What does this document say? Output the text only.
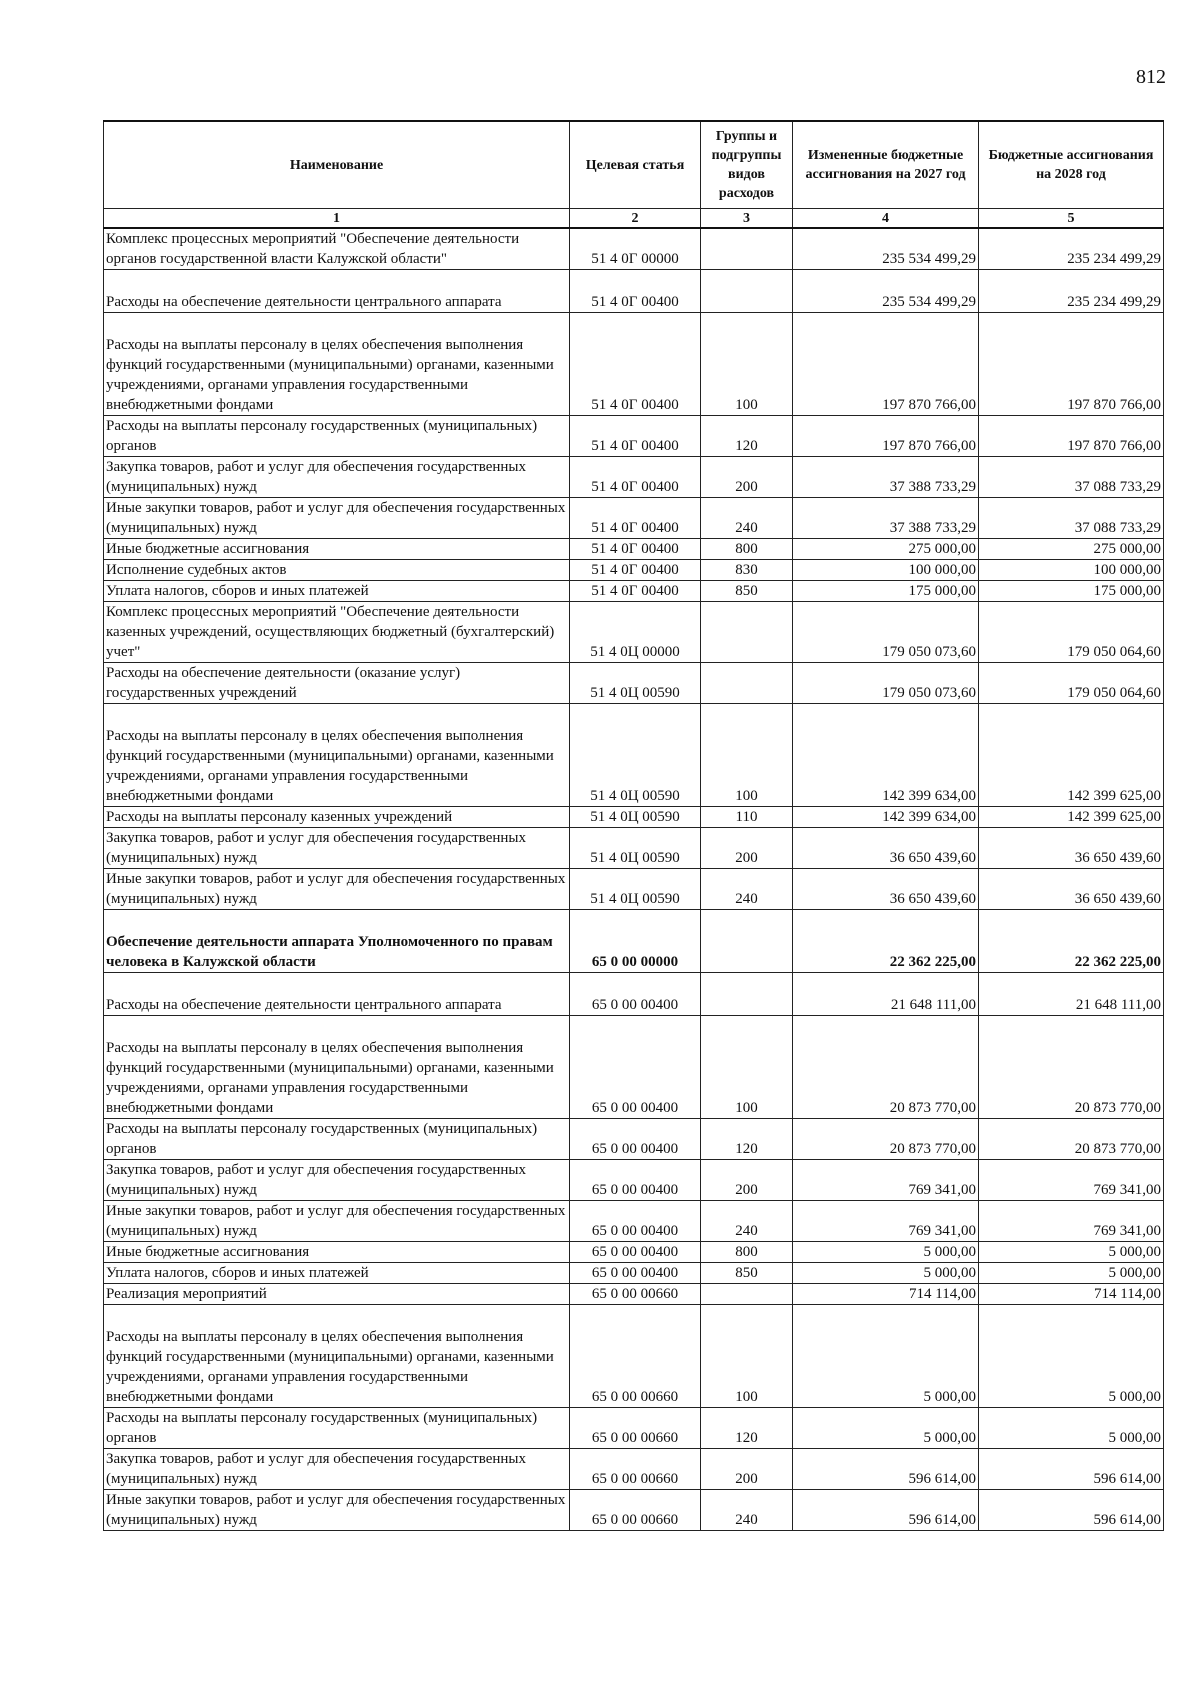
812
Наименование	Целевая статья	Группы и подгруппы видов расходов	Измененные бюджетные ассигнования на 2027 год	Бюджетные ассигнования на 2028 год
1	2	3	4	5
Комплекс процессных мероприятий "Обеспечение деятельности органов государственной власти Калужской области"	51 4 0Г 00000		235 534 499,29	235 234 499,29
Расходы на обеспечение деятельности центрального аппарата	51 4 0Г 00400		235 534 499,29	235 234 499,29
Расходы на выплаты персоналу в целях обеспечения выполнения функций государственными (муниципальными) органами, казенными учреждениями, органами управления государственными внебюджетными фондами	51 4 0Г 00400	100	197 870 766,00	197 870 766,00
Расходы на выплаты персоналу государственных (муниципальных) органов	51 4 0Г 00400	120	197 870 766,00	197 870 766,00
Закупка товаров, работ и услуг для обеспечения государственных (муниципальных) нужд	51 4 0Г 00400	200	37 388 733,29	37 088 733,29
Иные закупки товаров, работ и услуг для обеспечения государственных (муниципальных) нужд	51 4 0Г 00400	240	37 388 733,29	37 088 733,29
Иные бюджетные ассигнования	51 4 0Г 00400	800	275 000,00	275 000,00
Исполнение судебных актов	51 4 0Г 00400	830	100 000,00	100 000,00
Уплата налогов, сборов и иных платежей	51 4 0Г 00400	850	175 000,00	175 000,00
Комплекс процессных мероприятий "Обеспечение деятельности казенных учреждений, осуществляющих бюджетный (бухгалтерский) учет"	51 4 0Ц 00000		179 050 073,60	179 050 064,60
Расходы на обеспечение деятельности (оказание услуг) государственных учреждений	51 4 0Ц 00590		179 050 073,60	179 050 064,60
Расходы на выплаты персоналу в целях обеспечения выполнения функций государственными (муниципальными) органами, казенными учреждениями, органами управления государственными внебюджетными фондами	51 4 0Ц 00590	100	142 399 634,00	142 399 625,00
Расходы на выплаты персоналу казенных учреждений	51 4 0Ц 00590	110	142 399 634,00	142 399 625,00
Закупка товаров, работ и услуг для обеспечения государственных (муниципальных) нужд	51 4 0Ц 00590	200	36 650 439,60	36 650 439,60
Иные закупки товаров, работ и услуг для обеспечения государственных (муниципальных) нужд	51 4 0Ц 00590	240	36 650 439,60	36 650 439,60
Обеспечение деятельности аппарата Уполномоченного по правам человека в Калужской области	65 0 00 00000		22 362 225,00	22 362 225,00
Расходы на обеспечение деятельности центрального аппарата	65 0 00 00400		21 648 111,00	21 648 111,00
Расходы на выплаты персоналу в целях обеспечения выполнения функций государственными (муниципальными) органами, казенными учреждениями, органами управления государственными внебюджетными фондами	65 0 00 00400	100	20 873 770,00	20 873 770,00
Расходы на выплаты персоналу государственных (муниципальных) органов	65 0 00 00400	120	20 873 770,00	20 873 770,00
Закупка товаров, работ и услуг для обеспечения государственных (муниципальных) нужд	65 0 00 00400	200	769 341,00	769 341,00
Иные закупки товаров, работ и услуг для обеспечения государственных (муниципальных) нужд	65 0 00 00400	240	769 341,00	769 341,00
Иные бюджетные ассигнования	65 0 00 00400	800	5 000,00	5 000,00
Уплата налогов, сборов и иных платежей	65 0 00 00400	850	5 000,00	5 000,00
Реализация мероприятий	65 0 00 00660		714 114,00	714 114,00
Расходы на выплаты персоналу в целях обеспечения выполнения функций государственными (муниципальными) органами, казенными учреждениями, органами управления государственными внебюджетными фондами	65 0 00 00660	100	5 000,00	5 000,00
Расходы на выплаты персоналу государственных (муниципальных) органов	65 0 00 00660	120	5 000,00	5 000,00
Закупка товаров, работ и услуг для обеспечения государственных (муниципальных) нужд	65 0 00 00660	200	596 614,00	596 614,00
Иные закупки товаров, работ и услуг для обеспечения государственных (муниципальных) нужд	65 0 00 00660	240	596 614,00	596 614,00
